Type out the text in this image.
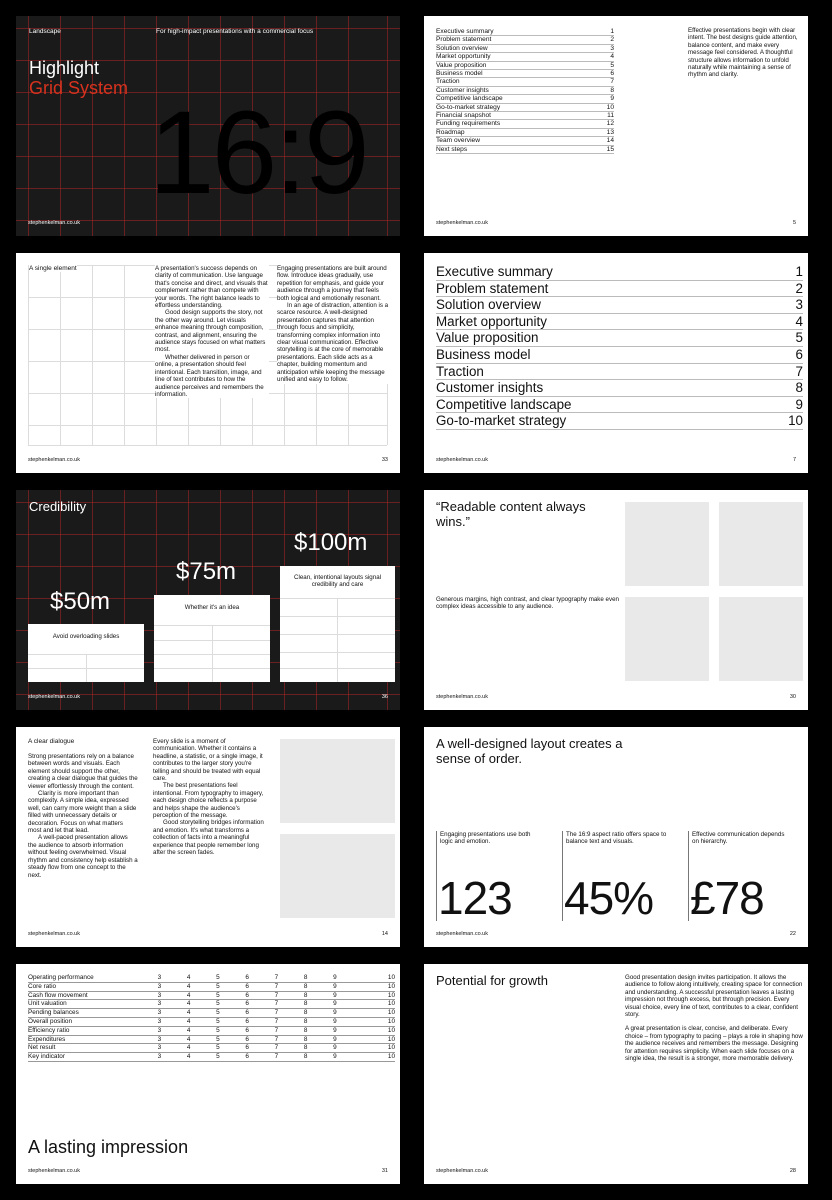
Landscape	For high-impact presentations with a commercial focus
Highlight
Grid System 16:9
stephenkelman.co.uk
Executive summary	1
Problem statement	2
Solution overview	3
Market opportunity	4
Value proposition	5
Business model	6
Traction	7
Customer insights	8
Competitive landscape	9
Go-to-market strategy	10
Financial snapshot	11
Funding requirements	12
Roadmap	13
Team overview	14
Next steps	15
Effective presentations begin with clear intent. The best designs guide attention, balance content, and make every message feel considered. A thoughtful structure allows information to unfold naturally while maintaining a sense of rhythm and clarity.
stephenkelman.co.uk	5
A single element	A presentation's success depends on clarity of communication. Use language that's concise and direct, and visuals that complement rather than compete with your words. The right balance leads to effortless understanding.

Good design supports the story, not the other way around. Let visuals enhance meaning through composition, contrast, and alignment, ensuring the audience stays focused on what matters most.

Whether delivered in person or online, a presentation should feel intentional. Each transition, image, and line of text contributes to how the audience perceives and remembers the information.

Engaging presentations are built around flow. Introduce ideas gradually, use repetition for emphasis, and guide your audience through a journey that feels both logical and emotionally resonant.

In an age of distraction, attention is a scarce resource. A well-designed presentation captures that attention through focus and simplicity, transforming complex information into clear visual communication. Effective storytelling is at the core of memorable presentations. Each slide acts as a chapter, building momentum and anticipation while keeping the message unified and easy to follow.

stephenkelman.co.uk	33
Executive summary	1
Problem statement	2
Solution overview	3
Market opportunity	4
Value proposition	5
Business model	6
Traction	7
Customer insights	8
Competitive landscape	9
Go-to-market strategy	10
stephenkelman.co.uk	7
Credibility
$50m
Avoid overloading slides
$75m
Whether it's an idea
$100m
Clean, intentional layouts signal credibility and care
stephenkelman.co.uk	36
“Readable content always wins.”
Generous margins, high contrast, and clear typography make even complex ideas accessible to any audience.
stephenkelman.co.uk	30
A clear dialogue

Strong presentations rely on a balance between words and visuals. Each element should support the other, creating a clear dialogue that guides the viewer effortlessly through the content.

Clarity is more important than complexity. A simple idea, expressed well, can carry more weight than a slide filled with unnecessary details or decoration. Focus on what matters most and let that lead.

A well-paced presentation allows the audience to absorb information without feeling overwhelmed. Visual rhythm and consistency help establish a steady flow from one concept to the next.

Every slide is a moment of communication. Whether it contains a headline, a statistic, or a single image, it contributes to the larger story you're telling and should be treated with equal care.

The best presentations feel intentional. From typography to imagery, each design choice reflects a purpose and helps shape the audience's perception of the message.

Good storytelling bridges information and emotion. It's what transforms a collection of facts into a meaningful experience that people remember long after the screen fades.

stephenkelman.co.uk	14
A well-designed layout creates a sense of order.
Engaging presentations use both logic and emotion.
123
The 16:9 aspect ratio offers space to balance text and visuals.
45%
Effective communication depends on hierarchy.
£78
stephenkelman.co.uk	22
Operating performance	3	4	5	6	7	8	9	10
Core ratio	3	4	5	6	7	8	9	10
Cash flow movement	3	4	5	6	7	8	9	10
Unit valuation	3	4	5	6	7	8	9	10
Pending balances	3	4	5	6	7	8	9	10
Overall position	3	4	5	6	7	8	9	10
Efficiency ratio	3	4	5	6	7	8	9	10
Expenditures	3	4	5	6	7	8	9	10
Net result	3	4	5	6	7	8	9	10
Key indicator	3	4	5	6	7	8	9	10
A lasting impression
stephenkelman.co.uk	31
Potential for growth	Good presentation design invites participation. It allows the audience to follow along intuitively, creating space for connection and understanding. A successful presentation leaves a lasting impression not through excess, but through precision. Every visual choice, every line of text, contributes to a clear, confident story.
A great presentation is clear, concise, and deliberate. Every choice – from typography to pacing – plays a role in shaping how the audience receives and remembers the message. Designing for attention requires simplicity. When each slide focuses on a single idea, the result is a stronger, more memorable delivery.
stephenkelman.co.uk	28
